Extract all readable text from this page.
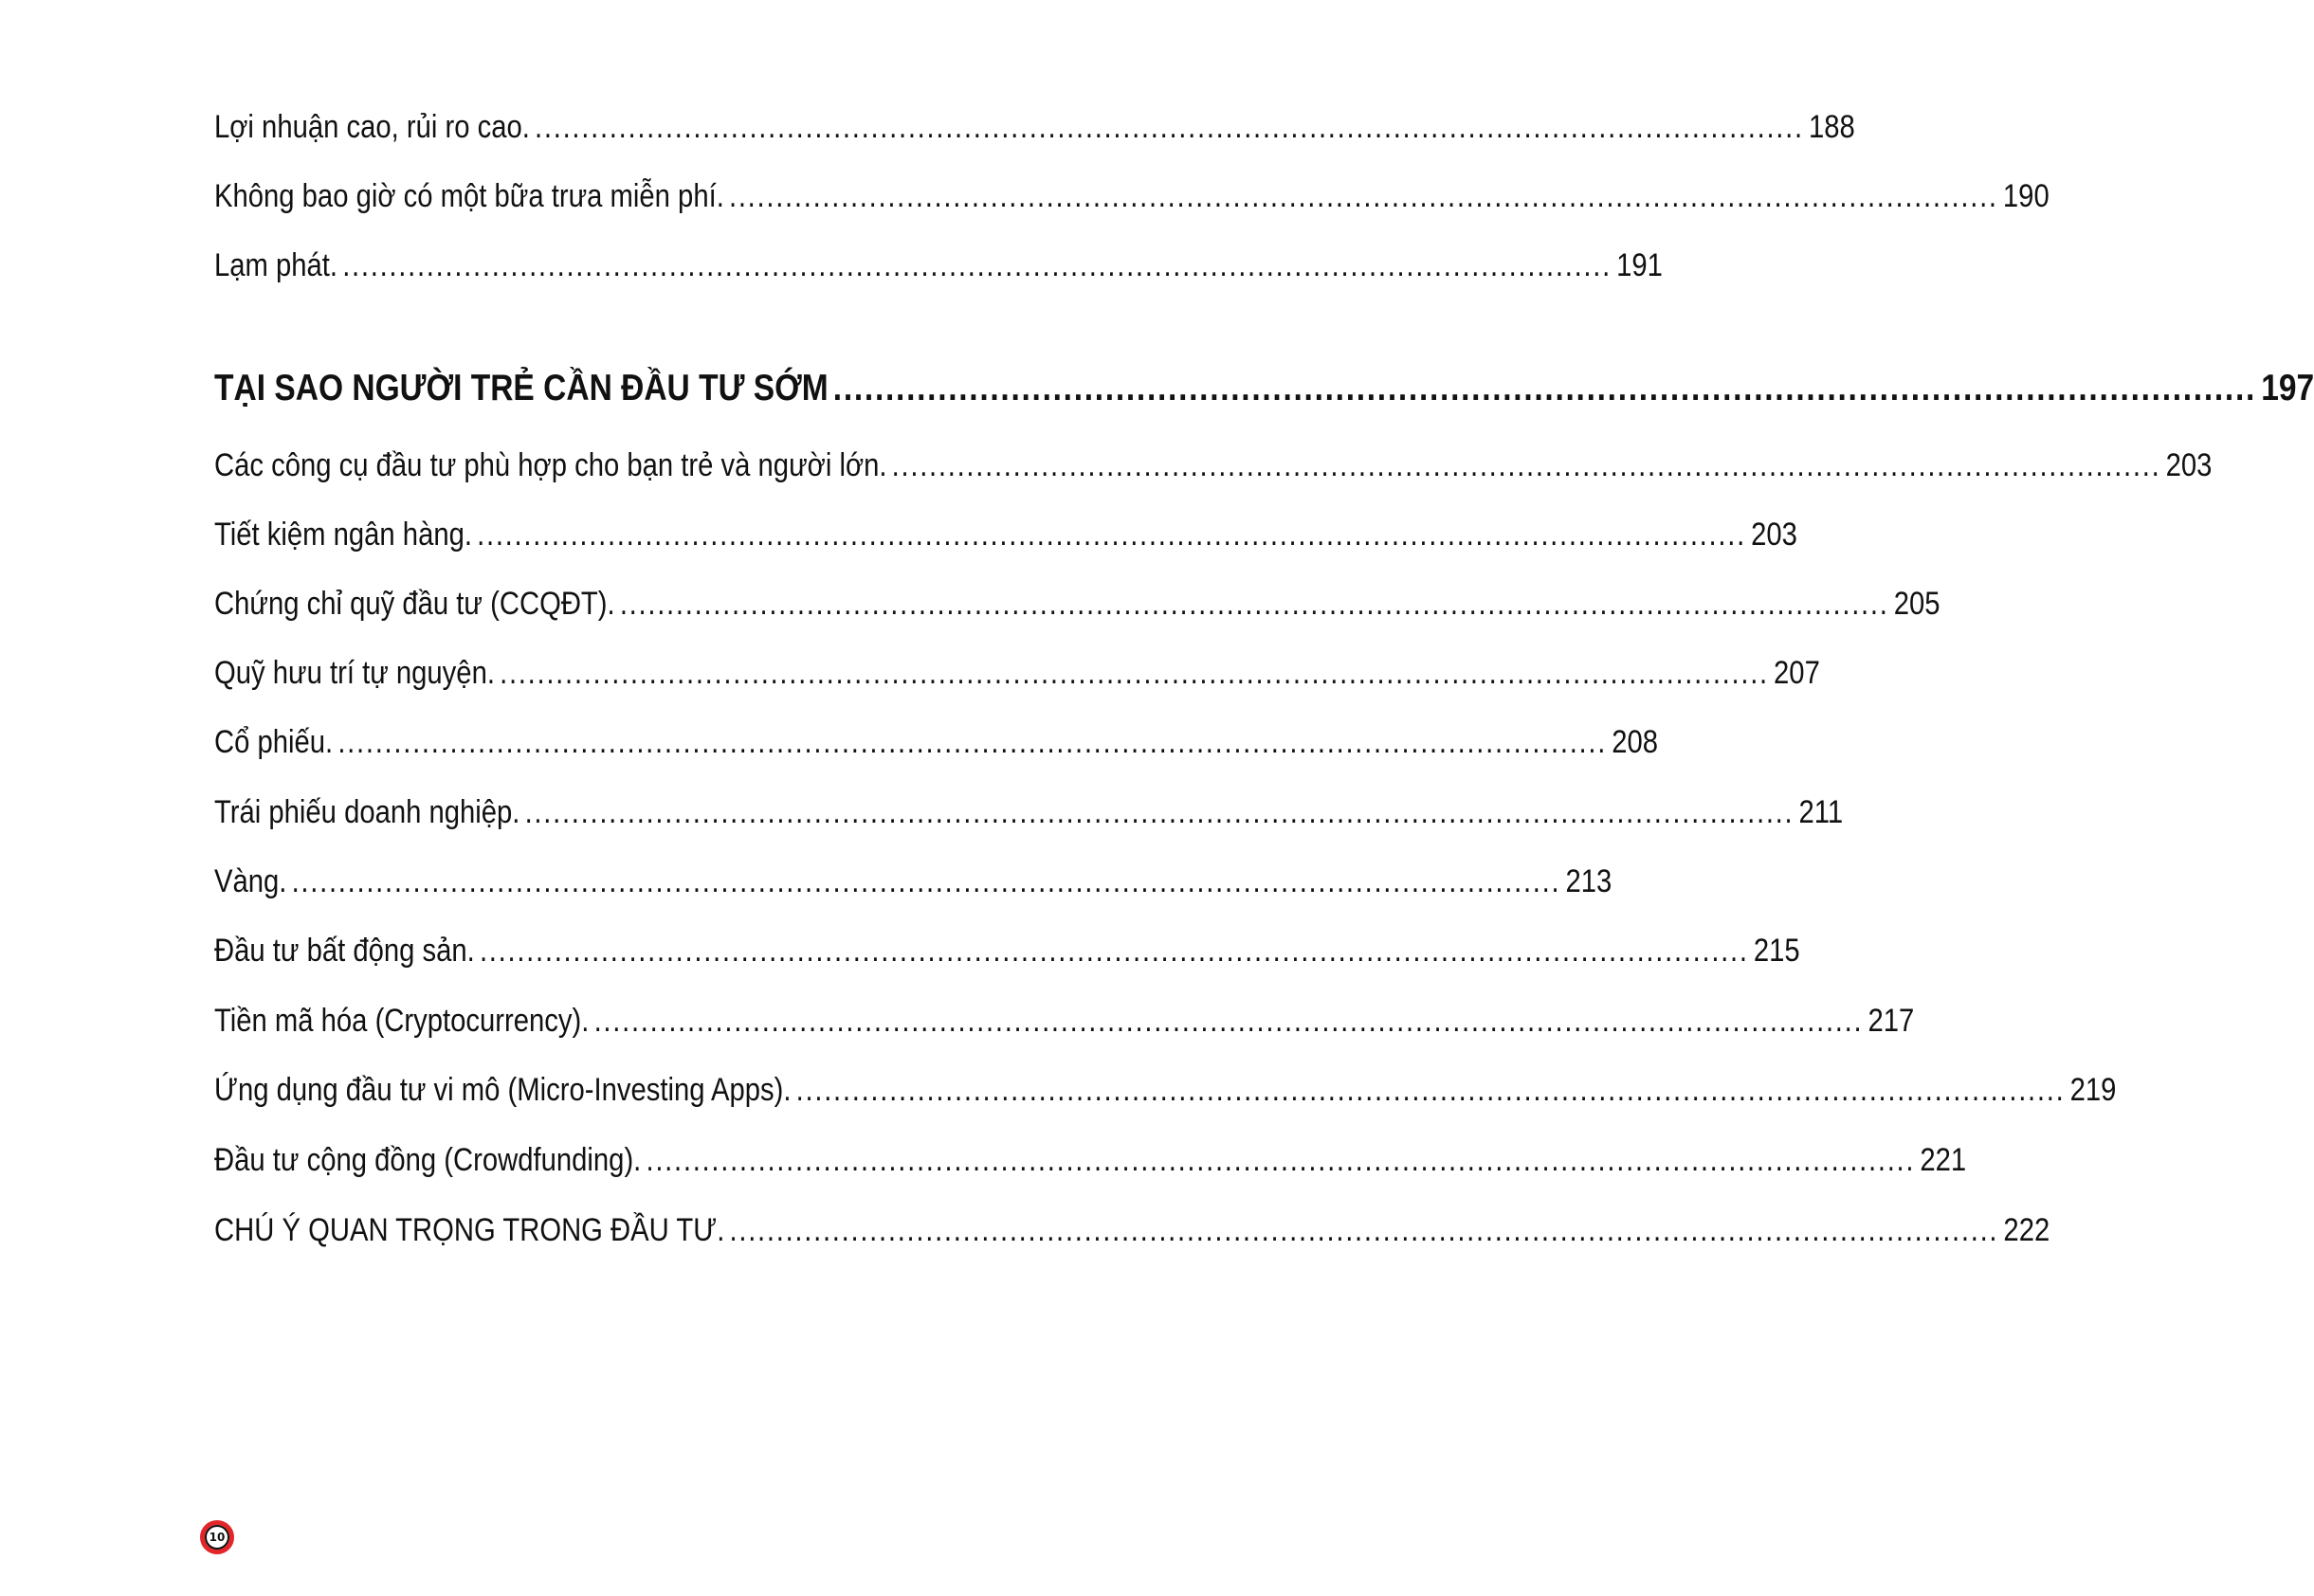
Lợi nhuận cao, rủi ro cao. ........................................................................................................................................ 188
Không bao giờ có một bữa trưa miễn phí. ........................................................................................................................................ 190
Lạm phát. ........................................................................................................................................ 191
TẠI SAO NGƯỜI TRẺ CẦN ĐẦU TƯ SỚM ........................................................................................................................................ 197
Các công cụ đầu tư phù hợp cho bạn trẻ và người lớn. ........................................................................................................................................ 203
Tiết kiệm ngân hàng. ........................................................................................................................................ 203
Chứng chỉ quỹ đầu tư (CCQĐT). ........................................................................................................................................ 205
Quỹ hưu trí tự nguyện. ........................................................................................................................................ 207
Cổ phiếu. ........................................................................................................................................ 208
Trái phiếu doanh nghiệp. ........................................................................................................................................ 211
Vàng. ........................................................................................................................................ 213
Đầu tư bất động sản. ........................................................................................................................................ 215
Tiền mã hóa (Cryptocurrency). ........................................................................................................................................ 217
Ứng dụng đầu tư vi mô (Micro-Investing Apps). ........................................................................................................................................ 219
Đầu tư cộng đồng (Crowdfunding). ........................................................................................................................................ 221
CHÚ Ý QUAN TRỌNG TRONG ĐẦU TƯ. ........................................................................................................................................ 222
10
